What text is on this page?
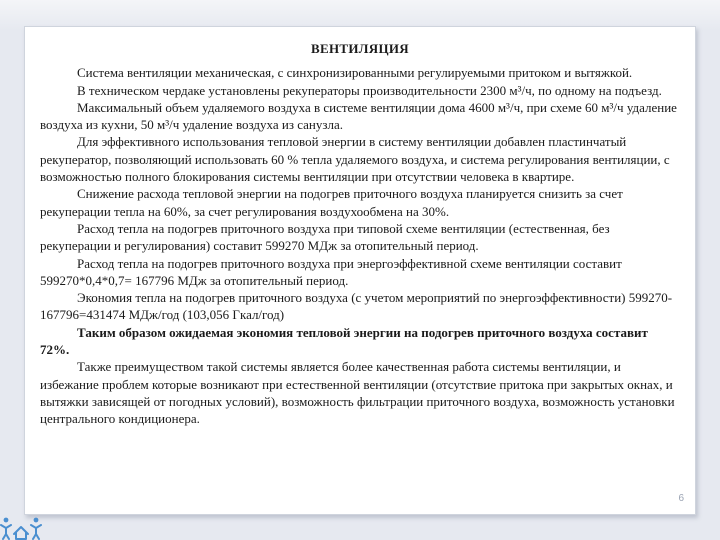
ВЕНТИЛЯЦИЯ

Система вентиляции механическая, с синхронизированными регулируемыми притоком и вытяжкой.

В техническом чердаке установлены рекуператоры производительности 2300 м³/ч, по одному на подъезд.

Максимальный объем удаляемого воздуха в системе вентиляции дома 4600 м³/ч, при схеме 60 м³/ч удаление воздуха из кухни, 50 м³/ч удаление воздуха из санузла.

Для эффективного использования тепловой энергии в систему вентиляции добавлен пластинчатый рекуператор, позволяющий использовать 60 % тепла удаляемого воздуха, и система регулирования вентиляции, с возможностью полного блокирования системы вентиляции при отсутствии человека в квартире.

Снижение расхода тепловой энергии на подогрев приточного воздуха планируется снизить за счет рекуперации тепла на 60%, за счет регулирования воздухообмена на 30%.

Расход тепла на подогрев приточного воздуха при типовой схеме вентиляции (естественная, без рекуперации и регулирования) составит 599270 МДж за отопительный период.

Расход тепла на подогрев приточного воздуха при энергоэффективной схеме вентиляции составит 599270*0,4*0,7= 167796 МДж за отопительный период.

Экономия тепла на подогрев приточного воздуха (с учетом мероприятий по энергоэффективности) 599270-167796=431474 МДж/год (103,056 Гкал/год)

Таким образом ожидаемая экономия тепловой энергии на подогрев приточного воздуха составит 72%.

Также преимуществом такой системы является более качественная работа системы вентиляции, и избежание проблем которые возникают при естественной вентиляции (отсутствие притока при закрытых окнах, и вытяжки зависящей от погодных условий), возможность фильтрации приточного воздуха, возможность установки центрального кондиционера.

6
